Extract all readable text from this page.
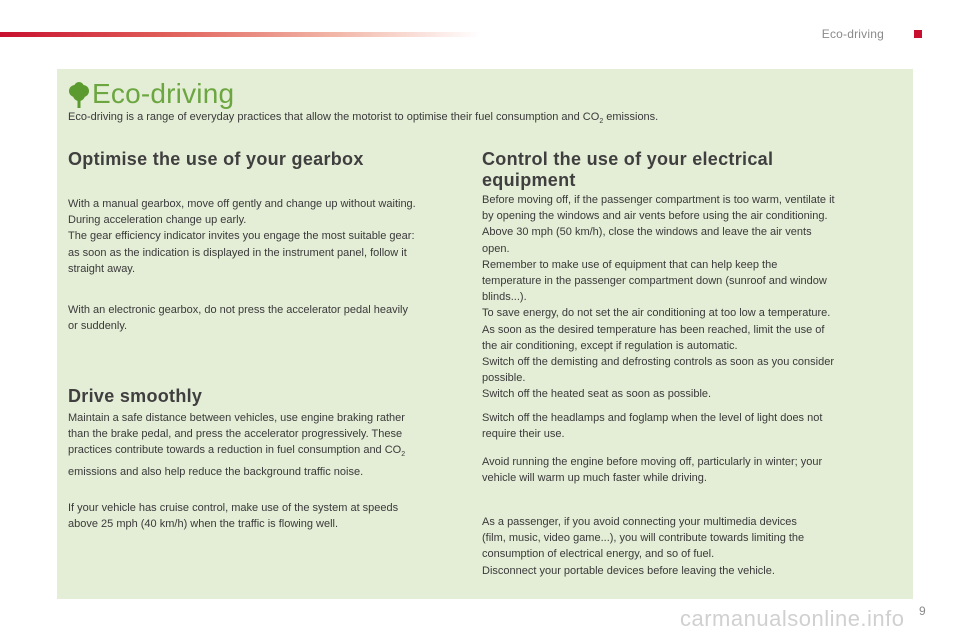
Eco-driving
Eco-driving
Eco-driving is a range of everyday practices that allow the motorist to optimise their fuel consumption and $CO_2$ emissions.
Optimise the use of your gearbox
With a manual gearbox, move off gently and change up without waiting.
During acceleration change up early.
The gear efficiency indicator invites you engage the most suitable gear:
as soon as the indication is displayed in the instrument panel, follow it
straight away.
With an electronic gearbox, do not press the accelerator pedal heavily
or suddenly.
Drive smoothly
Maintain a safe distance between vehicles, use engine braking rather
than the brake pedal, and press the accelerator progressively. These
practices contribute towards a reduction in fuel consumption and $CO_2$
emissions and also help reduce the background traffic noise.
If your vehicle has cruise control, make use of the system at speeds
above 25 mph (40 km/h) when the traffic is flowing well.
Control the use of your electrical
equipment
Before moving off, if the passenger compartment is too warm, ventilate it
by opening the windows and air vents before using the air conditioning.
Above 30 mph (50 km/h), close the windows and leave the air vents
open.
Remember to make use of equipment that can help keep the
temperature in the passenger compartment down (sunroof and window
blinds...).
To save energy, do not set the air conditioning at too low a temperature.
As soon as the desired temperature has been reached, limit the use of
the air conditioning, except if regulation is automatic.
Switch off the demisting and defrosting controls as soon as you consider
possible.
Switch off the heated seat as soon as possible.
Switch off the headlamps and foglamp when the level of light does not
require their use.
Avoid running the engine before moving off, particularly in winter; your
vehicle will warm up much faster while driving.
As a passenger, if you avoid connecting your multimedia devices
(film, music, video game...), you will contribute towards limiting the
consumption of electrical energy, and so of fuel.
Disconnect your portable devices before leaving the vehicle.
carmanualsonline.info 9
